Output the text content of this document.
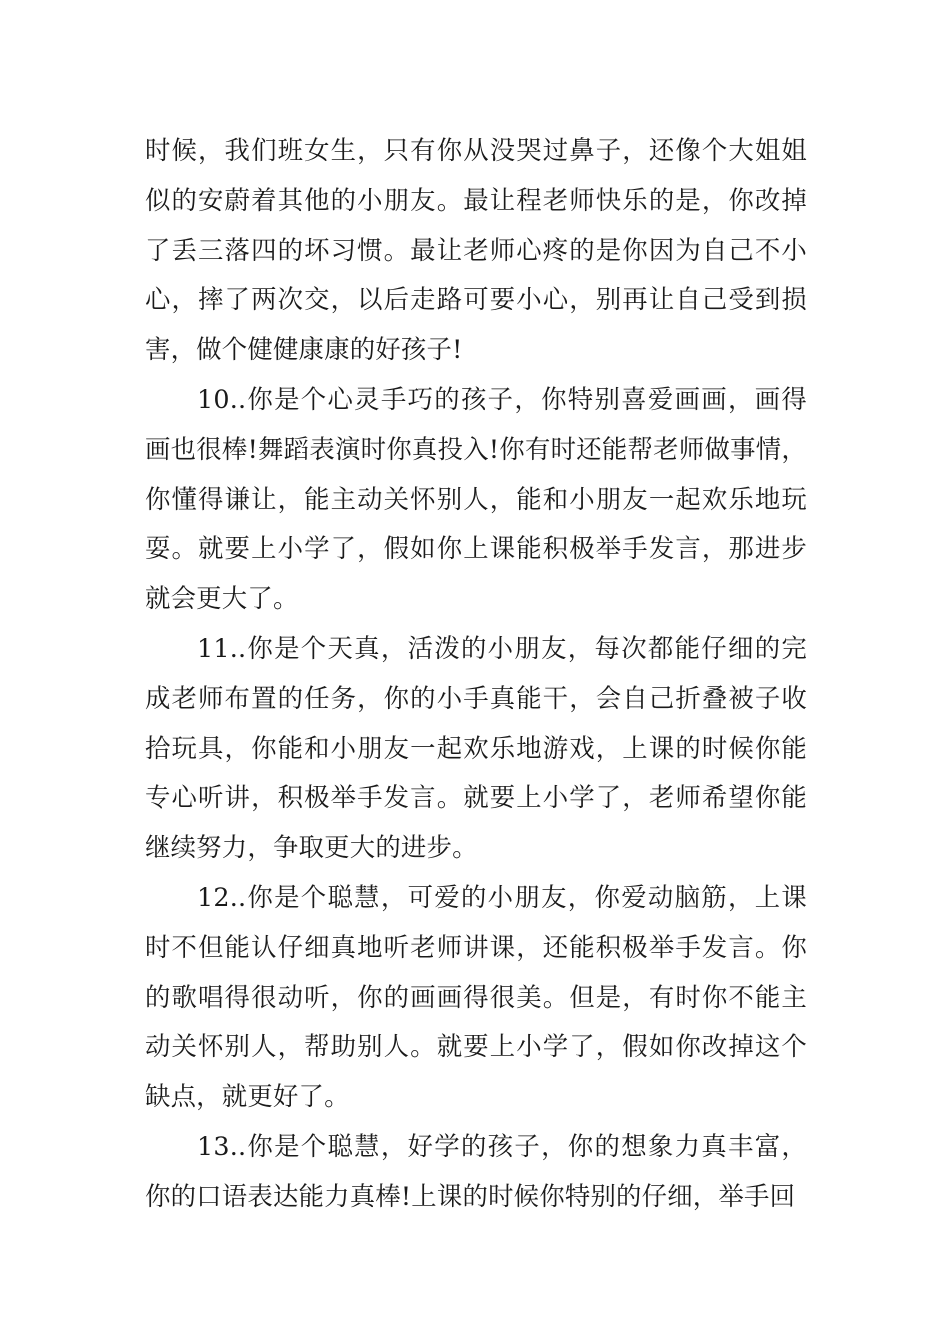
时候，我们班女生，只有你从没哭过鼻子，还像个大姐姐似的安蔚着其他的小朋友。最让程老师快乐的是，你改掉了丢三落四的坏习惯。最让老师心疼的是你因为自己不小心，摔了两次交，以后走路可要小心，别再让自己受到损害，做个健健康康的好孩子!

10..你是个心灵手巧的孩子，你特别喜爱画画，画得画也很棒!舞蹈表演时你真投入!你有时还能帮老师做事情，你懂得谦让，能主动关怀别人，能和小朋友一起欢乐地玩耍。就要上小学了，假如你上课能积极举手发言，那进步就会更大了。

11..你是个天真，活泼的小朋友，每次都能仔细的完成老师布置的任务，你的小手真能干，会自己折叠被子收拾玩具，你能和小朋友一起欢乐地游戏，上课的时候你能专心听讲，积极举手发言。就要上小学了，老师希望你能继续努力，争取更大的进步。

12..你是个聪慧，可爱的小朋友，你爱动脑筋，上课时不但能认仔细真地听老师讲课，还能积极举手发言。你的歌唱得很动听，你的画画得很美。但是，有时你不能主动关怀别人，帮助别人。就要上小学了，假如你改掉这个缺点，就更好了。

13..你是个聪慧，好学的孩子，你的想象力真丰富，你的口语表达能力真棒!上课的时候你特别的仔细，举手回
